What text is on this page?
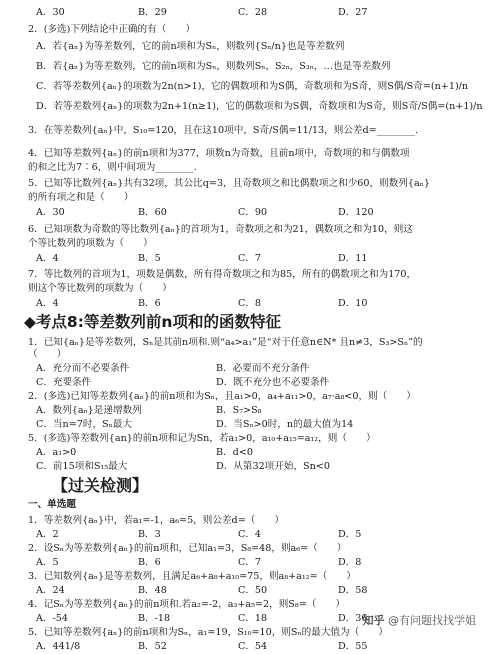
A．30	B．29	C．28	D．27
2．(多选)下列结论中正确的有（　　）
A．若{aₙ}为等差数列，它的前n项和为Sₙ，则数列{Sₙ/n}也是等差数列
B．若{aₙ}为等差数列，它的前n项和为Sₙ，则数列Sₙ，S₂ₙ，S₃ₙ，…也是等差数列
C．若等差数列{aₙ}的项数为2n(n>1)，它的偶数项和为S偶，奇数项和为S奇，则S偶/S奇=(n+1)/n
D．若等差数列{aₙ}的项数为2n+1(n≥1)，它的偶数项和为S偶，奇数项和为S奇，则S奇/S偶=(n+1)/n
3．在等差数列{aₙ}中，S₁₀=120，且在这10项中，S奇/S偶=11/13，则公差d=________.
4．已知等差数列{aₙ}的前n项和为377，项数n为奇数，且前n项中，奇数项的和与偶数项
的和之比为7∶6，则中间项为________.
5．已知等比数列{aₙ}共有32项，其公比q=3，且奇数项之和比偶数项之和少60，则数列{aₙ}
的所有项之和是（　　）
A．30	B．60	C．90	D．120
6．已知项数为奇数的等比数列{aₙ}的首项为1，奇数项之和为21，偶数项之和为10，则这
个等比数列的项数为（　　）
A．4	B．5	C．7	D．11
7．等比数列的首项为1，项数是偶数，所有得奇数项之和为85，所有的偶数项之和为170，
则这个等比数列的项数为（　　）
A．4	B．6	C．8	D．10
◆考点8:等差数列前n项和的函数特征
1．已知{aₙ}是等差数列，Sₙ是其前n项和.则“a₄>a₁”是“对于任意n∈N* 且n≠3，S₃>Sₙ”的
（　　）
A．充分而不必要条件	B．必要而不充分条件
C．充要条件	D．既不充分也不必要条件
2．(多选)已知等差数列{aₙ}的前n项和为Sₙ，且a₁>0，a₄+a₁₁>0，a₇·a₈<0，则（　　）
A．数列{aₙ}是递增数列	B．S₇>S₈
C．当n=7时，Sₙ最大	D．当Sₙ>0时，n的最大值为14
5．(多选)等差数列{an}的前n项和记为Sn，若a₁>0，a₁₀+a₁₅=a₁₂，则（　　）
A．a₁>0	B．d<0
C．前15项和S₁₅最大	D．从第32项开始，Sn<0
【过关检测】
一、单选题
1．等差数列{aₙ}中，若a₁=-1，a₆=5，则公差d=（　　）
A．2	B．3	C．4	D．5
2．设Sₙ为等差数列{aₙ}的前n项和，已知a₁=3，S₈=48，则a₆=（　　）
A．5	B．6	C．7	D．8
3．已知数列{aₙ}是等差数列，且满足a₆+a₈+a₁₀=75，则a₈+a₁₂=（　　）
A．24	B．48	C．50	D．58
4．记Sₙ为等差数列{aₙ}的前n项和.若a₂=-2，a₃+a₅=2，则S₈=（　　）
A．-54	B．-18	C．18	D．36
5．已知等差数列{aₙ}的前n项和为Sₙ，a₁=19，S₁₀=10，则Sₙ的最大值为（　　）
A．441/8	B．52	C．54	D．55
知乎 @有问题找找学姐
